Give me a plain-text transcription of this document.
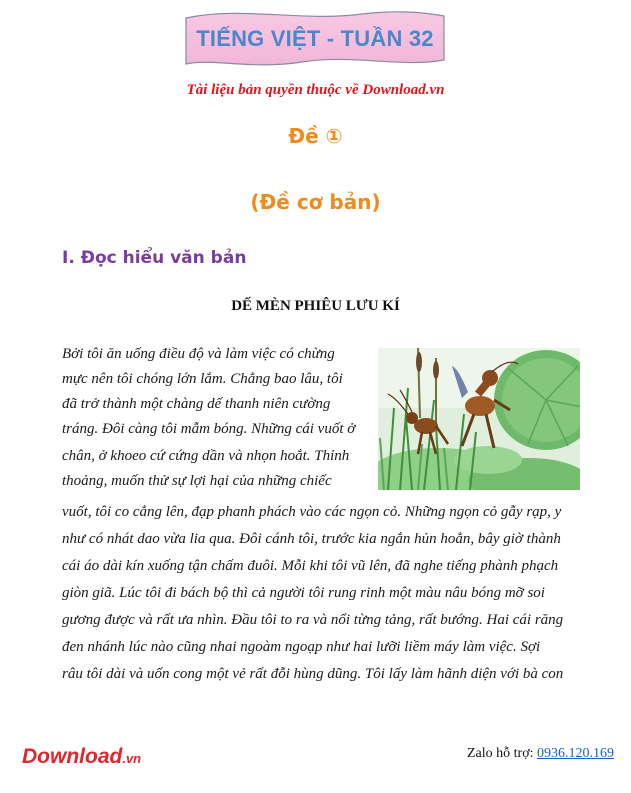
TIẾNG VIỆT - TUẦN 32
Tài liệu bản quyền thuộc về Download.vn
Đề ①
(Đề cơ bản)
I. Đọc hiểu văn bản
DẾ MÈN PHIÊU LƯU KÍ
Bởi tôi ăn uống điều độ và làm việc có chừng
mực nên tôi chóng lớn lắm. Chẳng bao lâu, tôi
đã trở thành một chàng dế thanh niên cường
tráng. Đôi càng tôi mẫm bóng. Những cái vuốt ở
chân, ở khoeo cứ cứng dần và nhọn hoắt. Thỉnh
thoảng, muốn thử sự lợi hại của những chiếc
vuốt, tôi co cẳng lên, đạp phanh phách vào các ngọn cỏ. Những ngọn cỏ gẫy rạp, y
như có nhát dao vừa lia qua. Đôi cánh tôi, trước kia ngắn hủn hoẳn, bây giờ thành
cái áo dài kín xuống tận chấm đuôi. Mỗi khi tôi vũ lên, đã nghe tiếng phành phạch
giòn giã. Lúc tôi đi bách bộ thì cả người tôi rung rinh một màu nâu bóng mỡ soi
gương được và rất ưa nhìn. Đầu tôi to ra và nổi từng tảng, rất bướng. Hai cái răng
đen nhánh lúc nào cũng nhai ngoàm ngoạp như hai lưỡi liềm máy làm việc. Sợi
râu tôi dài và uốn cong một vẻ rất đỗi hùng dũng. Tôi lấy làm hãnh diện với bà con
Download.vn	Zalo hỗ trợ: 0936.120.169
